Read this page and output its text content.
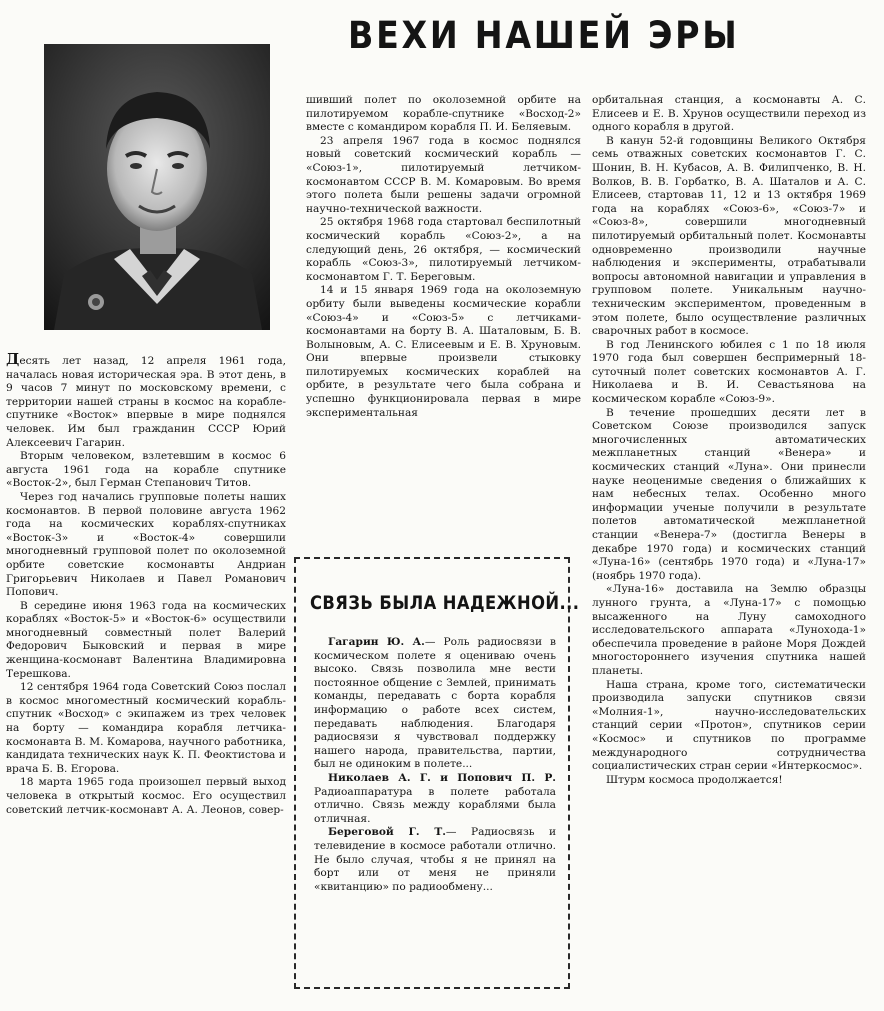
ВЕХИ НАШЕЙ ЭРЫ

Десять лет назад, 12 апреля 1961 года, началась новая историческая эра. В этот день, в 9 часов 7 минут по московскому времени, с территории нашей страны в космос на корабле-спутнике «Восток» впервые в мире поднялся человек. Им был гражданин СССР Юрий Алексеевич Гагарин.

Вторым человеком, взлетевшим в космос 6 августа 1961 года на корабле спутнике «Восток-2», был Герман Степанович Титов.

Через год начались групповые полеты наших космонавтов. В первой половине августа 1962 года на космических кораблях-спутниках «Восток-3» и «Восток-4» совершили многодневный групповой полет по околоземной орбите советские космонавты Андриан Григорьевич Николаев и Павел Романович Попович.

В середине июня 1963 года на космических кораблях «Восток-5» и «Восток-6» осуществили многодневный совместный полет Валерий Федорович Быковский и первая в мире женщина-космонавт Валентина Владимировна Терешкова.

12 сентября 1964 года Советский Союз послал в космос многоместный космический корабль-спутник «Восход» с экипажем из трех человек на борту — командира корабля летчика-космонавта В. М. Комарова, научного работника, кандидата технических наук К. П. Феоктистова и врача Б. В. Егорова.

18 марта 1965 года произошел первый выход человека в открытый космос. Его осуществил советский летчик-космонавт А. А. Леонов, совер-

шивший полет по околоземной орбите на пилотируемом корабле-спутнике «Восход-2» вместе с командиром корабля П. И. Беляевым.

23 апреля 1967 года в космос поднялся новый советский космический корабль — «Союз-1», пилотируемый летчиком-космонавтом СССР В. М. Комаровым. Во время этого полета были решены задачи огромной научно-технической важности.

25 октября 1968 года стартовал беспилотный космический корабль «Союз-2», а на следующий день, 26 октября, — космический корабль «Союз-3», пилотируемый летчиком-космонавтом Г. Т. Береговым.

14 и 15 января 1969 года на околоземную орбиту были выведены космические корабли «Союз-4» и «Союз-5» с летчиками-космонавтами на борту В. А. Шаталовым, Б. В. Волыновым, А. С. Елисеевым и Е. В. Хруновым. Они впервые произвели стыковку пилотируемых космических кораблей на орбите, в результате чего была собрана и успешно функционировала первая в мире экспериментальная

СВЯЗЬ БЫЛА НАДЕЖНОЙ...

Гагарин Ю. А.— Роль радиосвязи в космическом полете я оцениваю очень высоко. Связь позволила мне вести постоянное общение с Землей, принимать команды, передавать с борта корабля информацию о работе всех систем, передавать наблюдения. Благодаря радиосвязи я чувствовал поддержку нашего народа, правительства, партии, был не одиноким в полете...

Николаев А. Г. и Попович П. Р. Радиоаппаратура в полете работала отлично. Связь между кораблями была отличная.

Береговой Г. Т.— Радиосвязь и телевидение в космосе работали отлично. Не было случая, чтобы я не принял на борт или от меня не приняли «квитанцию» по радиообмену...

орбитальная станция, а космонавты А. С. Елисеев и Е. В. Хрунов осуществили переход из одного корабля в другой.

В канун 52-й годовщины Великого Октября семь отважных советских космонавтов Г. С. Шонин, В. Н. Кубасов, А. В. Филипченко, В. Н. Волков, В. В. Горбатко, В. А. Шаталов и А. С. Елисеев, стартовав 11, 12 и 13 октября 1969 года на кораблях «Союз-6», «Союз-7» и «Союз-8», совершили многодневный пилотируемый орбитальный полет. Космонавты одновременно производили научные наблюдения и эксперименты, отрабатывали вопросы автономной навигации и управления в групповом полете. Уникальным научно-техническим экспериментом, проведенным в этом полете, было осуществление различных сварочных работ в космосе.

В год Ленинского юбилея с 1 по 18 июля 1970 года был совершен беспримерный 18-суточный полет советских космонавтов А. Г. Николаева и В. И. Севастьянова на космическом корабле «Союз-9».

В течение прошедших десяти лет в Советском Союзе производился запуск многочисленных автоматических межпланетных станций «Венера» и космических станций «Луна». Они принесли науке неоценимые сведения о ближайших к нам небесных телах. Особенно много информации ученые получили в результате полетов автоматической межпланетной станции «Венера-7» (достигла Венеры в декабре 1970 года) и космических станций «Луна-16» (сентябрь 1970 года) и «Луна-17» (ноябрь 1970 года).

«Луна-16» доставила на Землю образцы лунного грунта, а «Луна-17» с помощью высаженного на Луну самоходного исследовательского аппарата «Лунохода-1» обеспечила проведение в районе Моря Дождей многостороннего изучения спутника нашей планеты.

Наша страна, кроме того, систематически производила запуски спутников связи «Молния-1», научно-исследовательских станций серии «Протон», спутников серии «Космос» и спутников по программе международного сотрудничества социалистических стран серии «Интеркосмос».

Штурм космоса продолжается!
